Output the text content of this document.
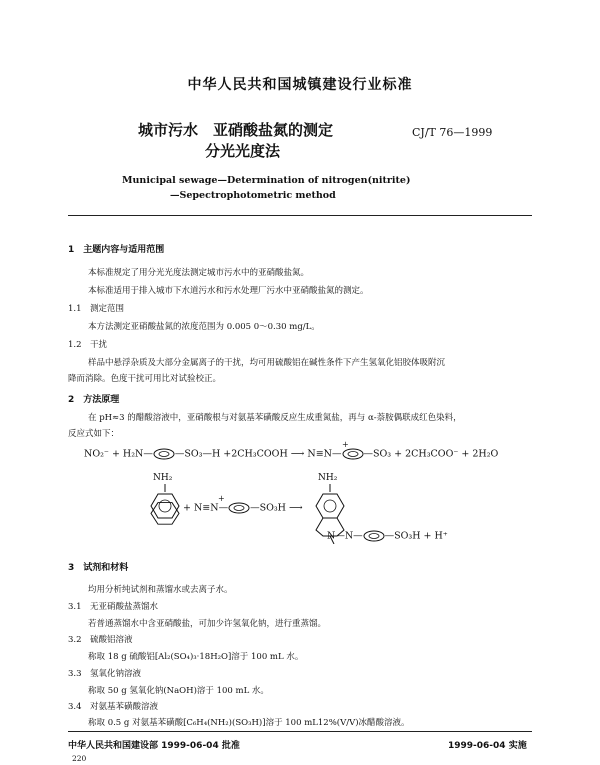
中华人民共和国城镇建设行业标准
城市污水　亚硝酸盐氮的测定
分光光度法
CJ/T 76—1999
Municipal sewage—Determination of nitrogen(nitrite)
—Sepectrophotometric method
1　主题内容与适用范围
本标准规定了用分光光度法测定城市污水中的亚硝酸盐氮。
本标准适用于排入城市下水道污水和污水处理厂污水中亚硝酸盐氮的测定。
1.1　测定范围
本方法测定亚硝酸盐氮的浓度范围为 0.005 0～0.30 mg/L。
1.2　干扰
样品中悬浮杂质及大部分金属离子的干扰，均可用硫酸铝在碱性条件下产生氢氧化铝胶体吸附沉
降而消除。色度干扰可用比对试验校正。
2　方法原理
在 pH≈3 的醋酸溶液中，亚硝酸根与对氨基苯磺酸反应生成重氮盐，再与 α-萘胺偶联成红色染料，
反应式如下：
NO₂⁻ + H₂N— —SO₃—H +2CH₃COOH ⟶ N≡N— —SO₃ + 2CH₃COO⁻ + 2H₂O
+
NH₂	NH₂
+ N≡N— —SO₃H ⟶
+
N—N— —SO₃H + H⁺
3　试剂和材料
均用分析纯试剂和蒸馏水或去离子水。
3.1　无亚硝酸盐蒸馏水
若普通蒸馏水中含亚硝酸盐，可加少许氢氧化钠，进行重蒸馏。
3.2　硫酸铝溶液
称取 18 g 硫酸铝[Al₂(SO₄)₃·18H₂O]溶于 100 mL 水。
3.3　氢氧化钠溶液
称取 50 g 氢氧化钠(NaOH)溶于 100 mL 水。
3.4　对氨基苯磺酸溶液
称取 0.5 g 对氨基苯磺酸[C₆H₄(NH₂)(SO₃H)]溶于 100 mL12%(V/V)冰醋酸溶液。
中华人民共和国建设部 1999-06-04 批准	1999-06-04 实施
220
